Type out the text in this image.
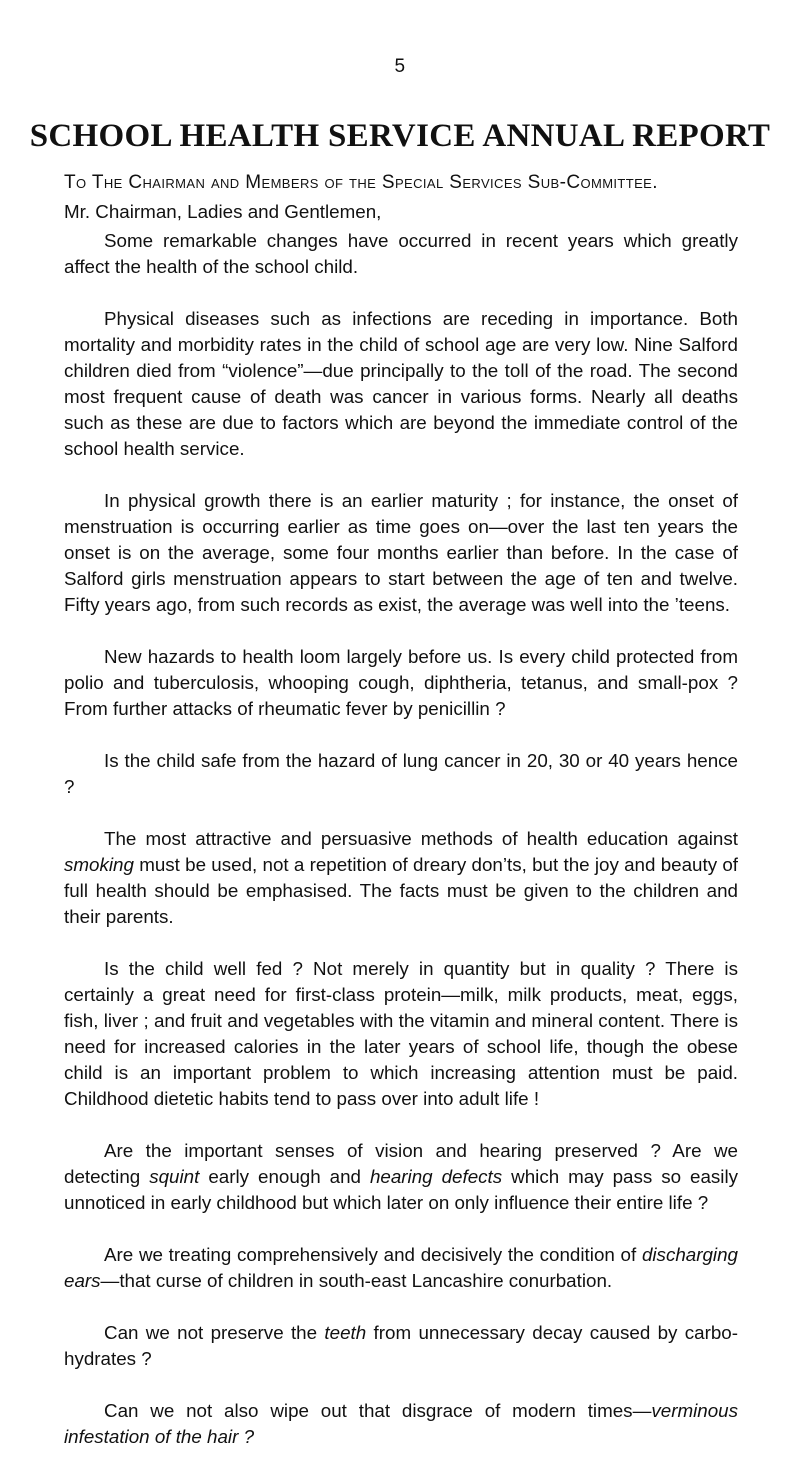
5
SCHOOL HEALTH SERVICE ANNUAL REPORT

To The Chairman and Members of the Special Services Sub-Committee.

Mr. Chairman, Ladies and Gentlemen,

Some remarkable changes have occurred in recent years which greatly affect the health of the school child.

Physical diseases such as infections are receding in importance. Both mortality and morbidity rates in the child of school age are very low. Nine Salford children died from “violence”—due principally to the toll of the road. The second most frequent cause of death was cancer in various forms. Nearly all deaths such as these are due to factors which are beyond the immediate control of the school health service.

In physical growth there is an earlier maturity ; for instance, the onset of menstruation is occurring earlier as time goes on—over the last ten years the onset is on the average, some four months earlier than before. In the case of Salford girls menstruation appears to start between the age of ten and twelve. Fifty years ago, from such records as exist, the average was well into the ’teens.

New hazards to health loom largely before us. Is every child protected from polio and tuberculosis, whooping cough, diphtheria, tetanus, and small-pox ? From further attacks of rheumatic fever by penicillin ?

Is the child safe from the hazard of lung cancer in 20, 30 or 40 years hence ?

The most attractive and persuasive methods of health education against smoking must be used, not a repetition of dreary don’ts, but the joy and beauty of full health should be emphasised. The facts must be given to the children and their parents.

Is the child well fed ? Not merely in quantity but in quality ? There is certainly a great need for first-class protein—milk, milk products, meat, eggs, fish, liver ; and fruit and vegetables with the vitamin and mineral content. There is need for increased calories in the later years of school life, though the obese child is an important problem to which increasing attention must be paid. Childhood dietetic habits tend to pass over into adult life !

Are the important senses of vision and hearing preserved ? Are we detecting squint early enough and hearing defects which may pass so easily unnoticed in early childhood but which later on only influence their entire life ?

Are we treating comprehensively and decisively the condition of discharging ears—that curse of children in south-east Lancashire conurbation.

Can we not preserve the teeth from unnecessary decay caused by carbo-hydrates ?

Can we not also wipe out that disgrace of modern times—verminous infestation of the hair ?
